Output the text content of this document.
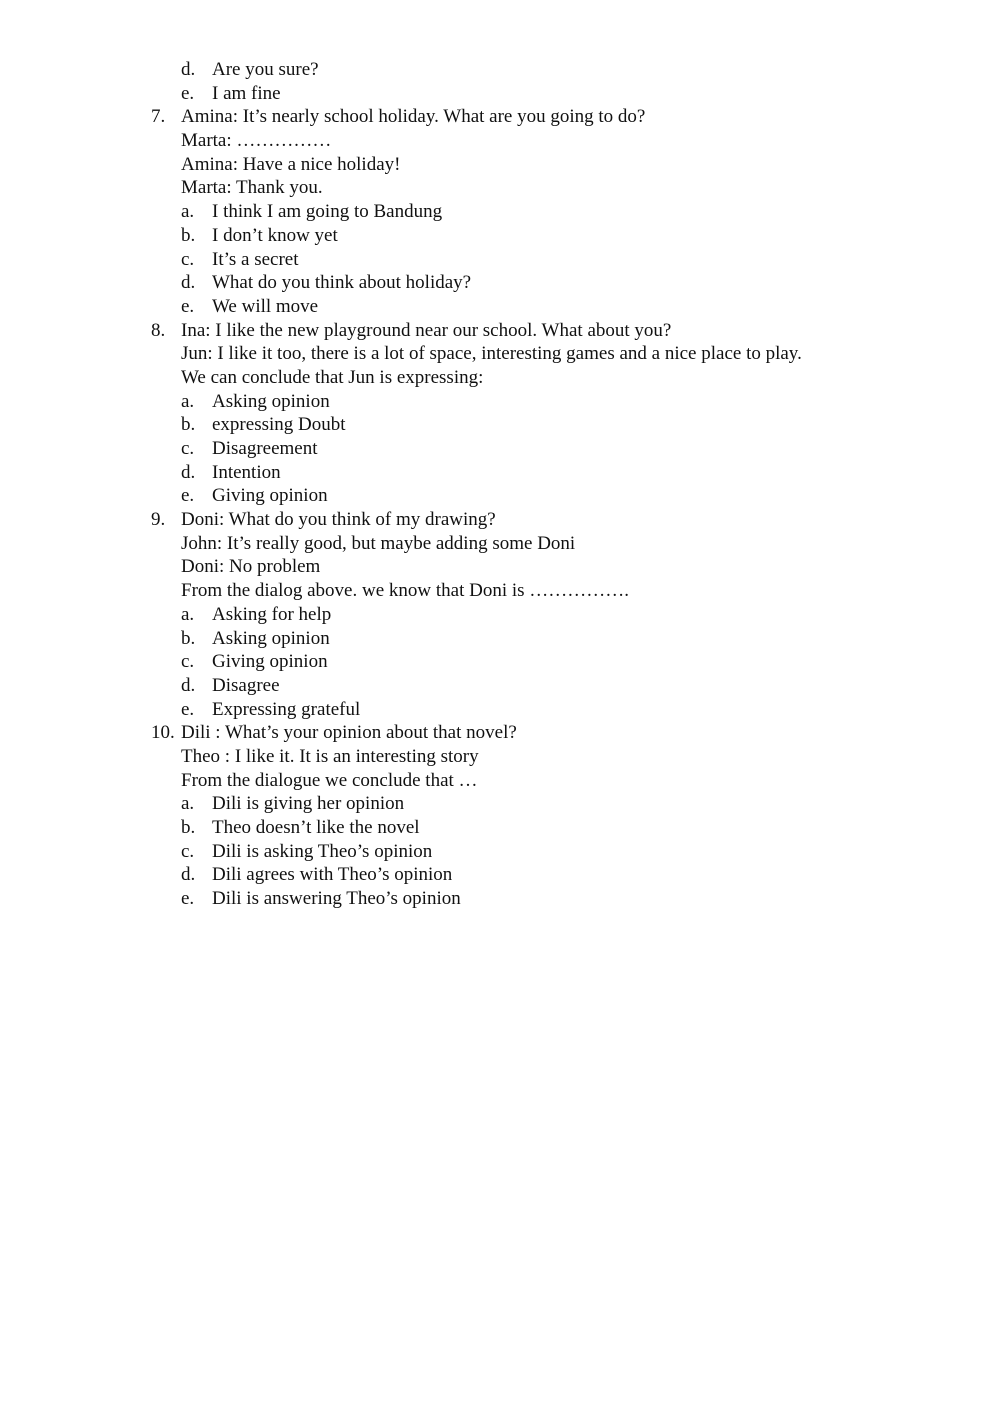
d. Are you sure?
e. I am fine
7. Amina: It’s nearly school holiday. What are you going to do?
Marta: ……………
Amina: Have a nice holiday!
Marta: Thank you.
a. I think I am going to Bandung
b. I don’t know yet
c. It’s a secret
d. What do you think about holiday?
e. We will move
8. Ina: I like the new playground near our school. What about you?
Jun: I like it too, there is a lot of space, interesting games and a nice place to play.
We can conclude that Jun is expressing:
a. Asking opinion
b. expressing Doubt
c. Disagreement
d. Intention
e. Giving opinion
9. Doni: What do you think of my drawing?
John: It’s really good, but maybe adding some Doni
Doni: No problem
From the dialog above. we know that Doni is …………….
a. Asking for help
b. Asking opinion
c. Giving opinion
d. Disagree
e. Expressing grateful
10. Dili : What’s your opinion about that novel?
Theo : I like it. It is an interesting story
From the dialogue we conclude that …
a. Dili is giving her opinion
b. Theo doesn’t like the novel
c. Dili is asking Theo’s opinion
d. Dili agrees with Theo’s opinion
e. Dili is answering Theo’s opinion
